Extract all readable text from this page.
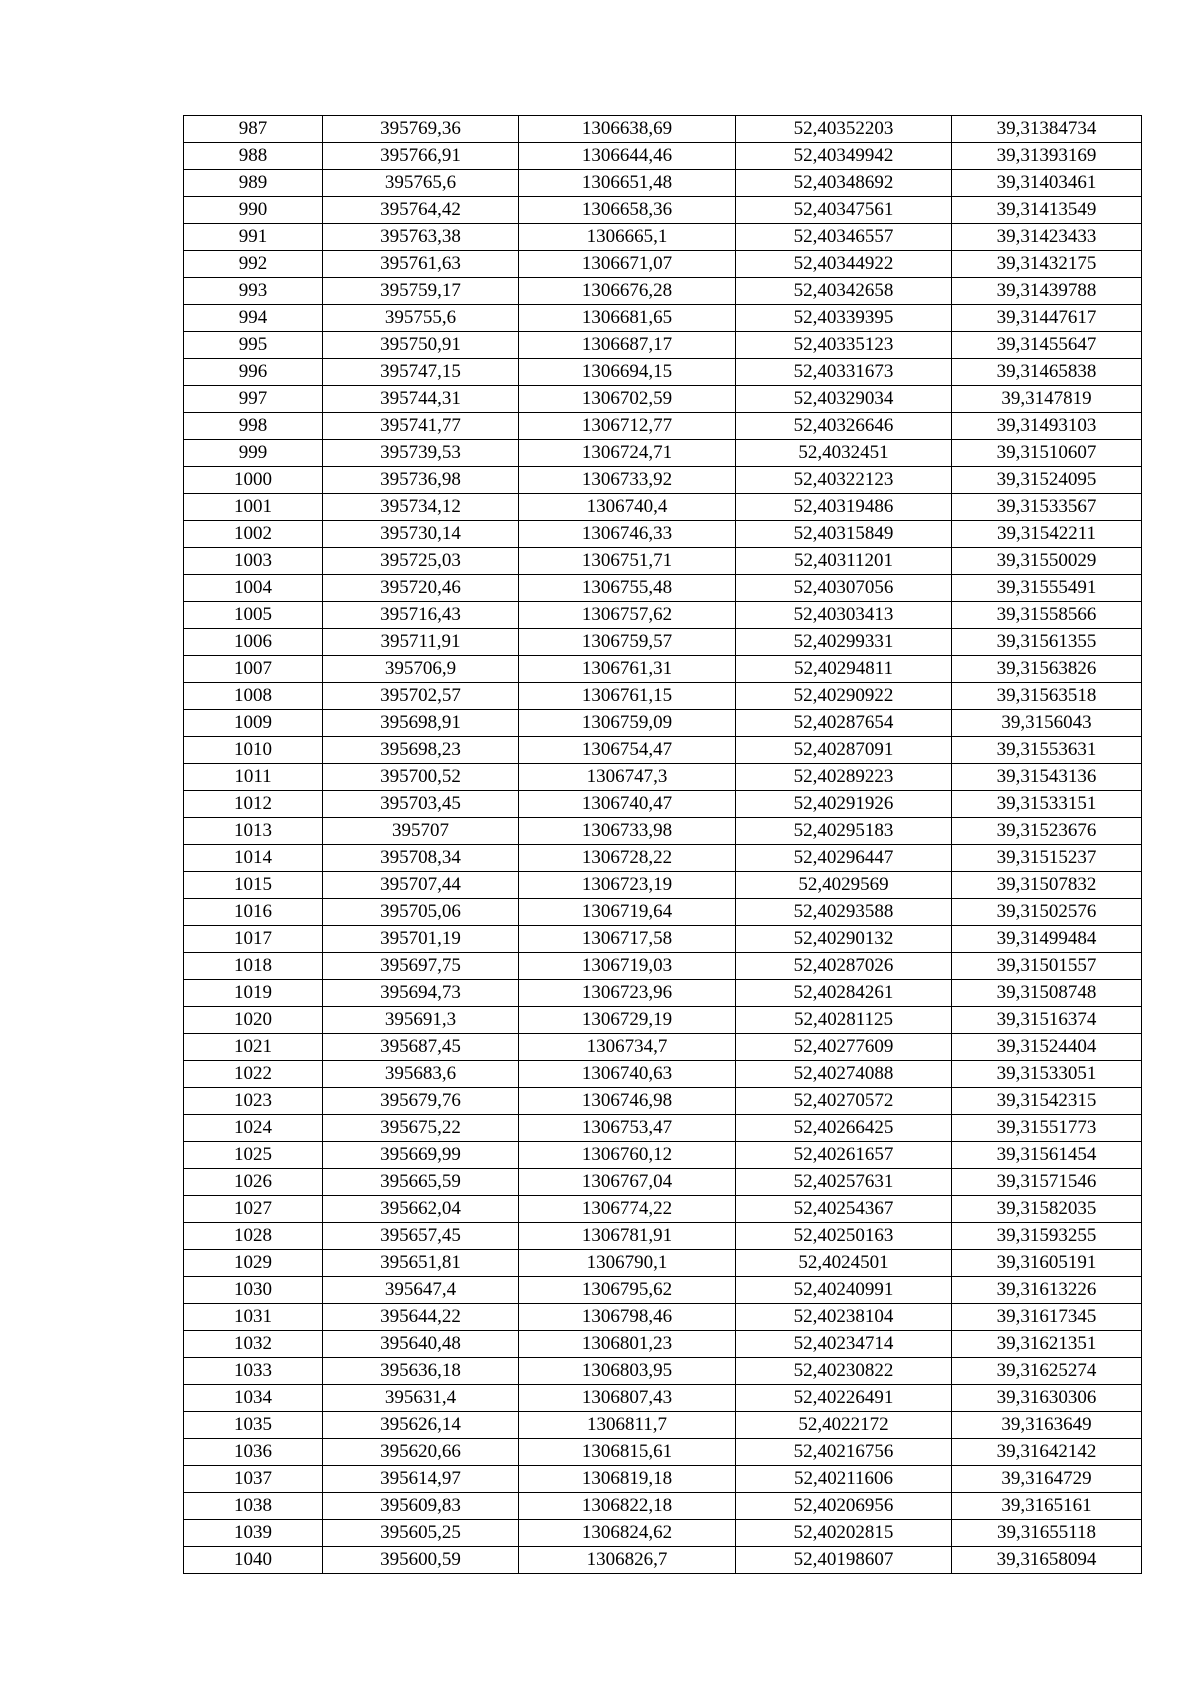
987	395769,36	1306638,69	52,40352203	39,31384734
988	395766,91	1306644,46	52,40349942	39,31393169
989	395765,6	1306651,48	52,40348692	39,31403461
990	395764,42	1306658,36	52,40347561	39,31413549
991	395763,38	1306665,1	52,40346557	39,31423433
992	395761,63	1306671,07	52,40344922	39,31432175
993	395759,17	1306676,28	52,40342658	39,31439788
994	395755,6	1306681,65	52,40339395	39,31447617
995	395750,91	1306687,17	52,40335123	39,31455647
996	395747,15	1306694,15	52,40331673	39,31465838
997	395744,31	1306702,59	52,40329034	39,3147819
998	395741,77	1306712,77	52,40326646	39,31493103
999	395739,53	1306724,71	52,4032451	39,31510607
1000	395736,98	1306733,92	52,40322123	39,31524095
1001	395734,12	1306740,4	52,40319486	39,31533567
1002	395730,14	1306746,33	52,40315849	39,31542211
1003	395725,03	1306751,71	52,40311201	39,31550029
1004	395720,46	1306755,48	52,40307056	39,31555491
1005	395716,43	1306757,62	52,40303413	39,31558566
1006	395711,91	1306759,57	52,40299331	39,31561355
1007	395706,9	1306761,31	52,40294811	39,31563826
1008	395702,57	1306761,15	52,40290922	39,31563518
1009	395698,91	1306759,09	52,40287654	39,3156043
1010	395698,23	1306754,47	52,40287091	39,31553631
1011	395700,52	1306747,3	52,40289223	39,31543136
1012	395703,45	1306740,47	52,40291926	39,31533151
1013	395707	1306733,98	52,40295183	39,31523676
1014	395708,34	1306728,22	52,40296447	39,31515237
1015	395707,44	1306723,19	52,4029569	39,31507832
1016	395705,06	1306719,64	52,40293588	39,31502576
1017	395701,19	1306717,58	52,40290132	39,31499484
1018	395697,75	1306719,03	52,40287026	39,31501557
1019	395694,73	1306723,96	52,40284261	39,31508748
1020	395691,3	1306729,19	52,40281125	39,31516374
1021	395687,45	1306734,7	52,40277609	39,31524404
1022	395683,6	1306740,63	52,40274088	39,31533051
1023	395679,76	1306746,98	52,40270572	39,31542315
1024	395675,22	1306753,47	52,40266425	39,31551773
1025	395669,99	1306760,12	52,40261657	39,31561454
1026	395665,59	1306767,04	52,40257631	39,31571546
1027	395662,04	1306774,22	52,40254367	39,31582035
1028	395657,45	1306781,91	52,40250163	39,31593255
1029	395651,81	1306790,1	52,4024501	39,31605191
1030	395647,4	1306795,62	52,40240991	39,31613226
1031	395644,22	1306798,46	52,40238104	39,31617345
1032	395640,48	1306801,23	52,40234714	39,31621351
1033	395636,18	1306803,95	52,40230822	39,31625274
1034	395631,4	1306807,43	52,40226491	39,31630306
1035	395626,14	1306811,7	52,4022172	39,3163649
1036	395620,66	1306815,61	52,40216756	39,31642142
1037	395614,97	1306819,18	52,40211606	39,3164729
1038	395609,83	1306822,18	52,40206956	39,3165161
1039	395605,25	1306824,62	52,40202815	39,31655118
1040	395600,59	1306826,7	52,40198607	39,31658094
